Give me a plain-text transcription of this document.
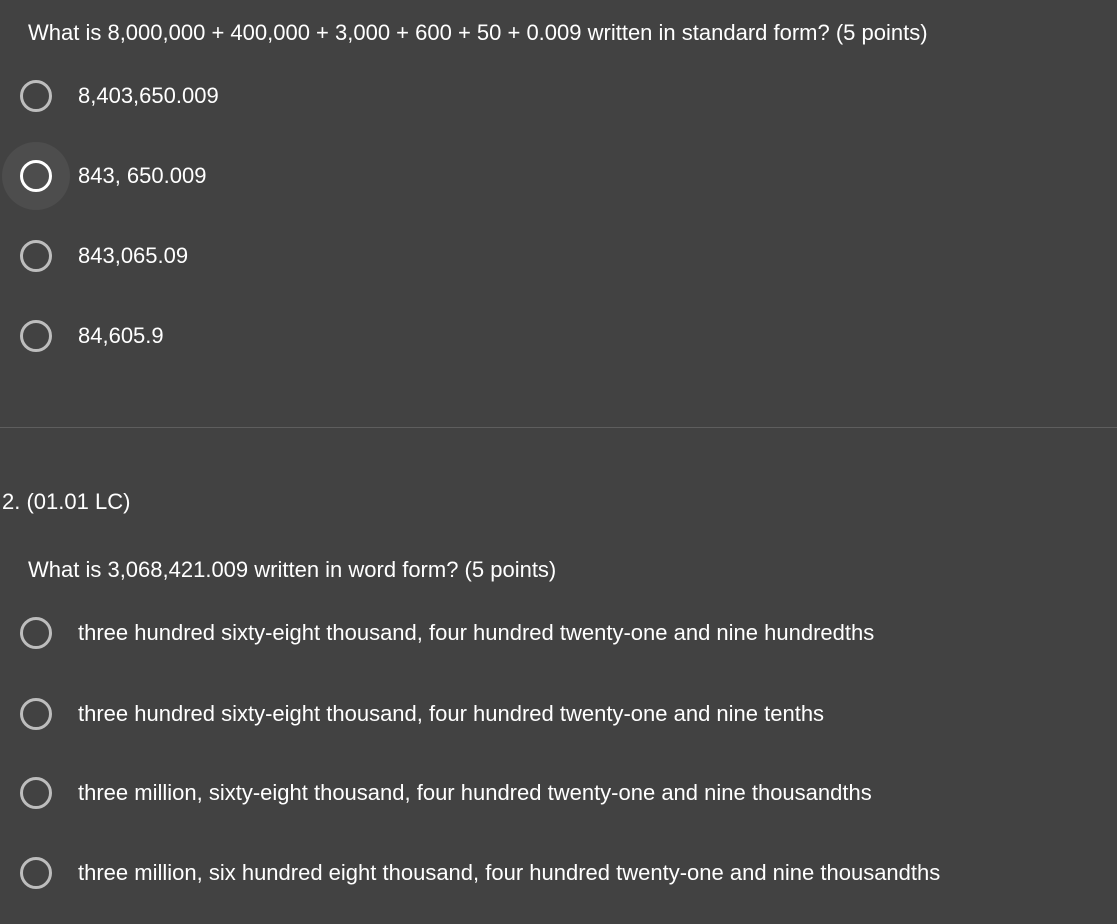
What is 8,000,000 + 400,000 + 3,000 + 600 + 50 + 0.009 written in standard form? (5 points)
8,403,650.009
843, 650.009
843,065.09
84,605.9
2. (01.01 LC)
What is 3,068,421.009 written in word form? (5 points)
three hundred sixty-eight thousand, four hundred twenty-one and nine hundredths
three hundred sixty-eight thousand, four hundred twenty-one and nine tenths
three million, sixty-eight thousand, four hundred twenty-one and nine thousandths
three million, six hundred eight thousand, four hundred twenty-one and nine thousandths
